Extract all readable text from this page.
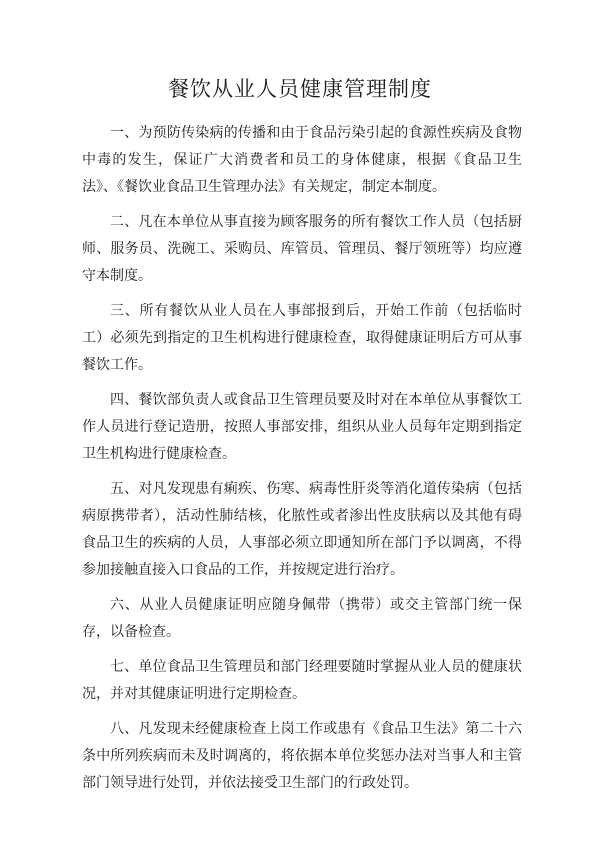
餐饮从业人员健康管理制度

一、为预防传染病的传播和由于食品污染引起的食源性疾病及食物中毒的发生，保证广大消费者和员工的身体健康，根据《食品卫生法》、《餐饮业食品卫生管理办法》有关规定，制定本制度。

二、凡在本单位从事直接为顾客服务的所有餐饮工作人员（包括厨师、服务员、洗碗工、采购员、库管员、管理员、餐厅领班等）均应遵守本制度。

三、所有餐饮从业人员在人事部报到后，开始工作前（包括临时工）必须先到指定的卫生机构进行健康检查，取得健康证明后方可从事餐饮工作。

四、餐饮部负责人或食品卫生管理员要及时对在本单位从事餐饮工作人员进行登记造册，按照人事部安排，组织从业人员每年定期到指定卫生机构进行健康检查。

五、对凡发现患有痢疾、伤寒、病毒性肝炎等消化道传染病（包括病原携带者），活动性肺结核，化脓性或者渗出性皮肤病以及其他有碍食品卫生的疾病的人员，人事部必须立即通知所在部门予以调离，不得参加接触直接入口食品的工作，并按规定进行治疗。

六、从业人员健康证明应随身佩带（携带）或交主管部门统一保存，以备检查。

七、单位食品卫生管理员和部门经理要随时掌握从业人员的健康状况，并对其健康证明进行定期检查。

八、凡发现未经健康检查上岗工作或患有《食品卫生法》第二十六条中所列疾病而未及时调离的，将依据本单位奖惩办法对当事人和主管部门领导进行处罚，并依法接受卫生部门的行政处罚。
